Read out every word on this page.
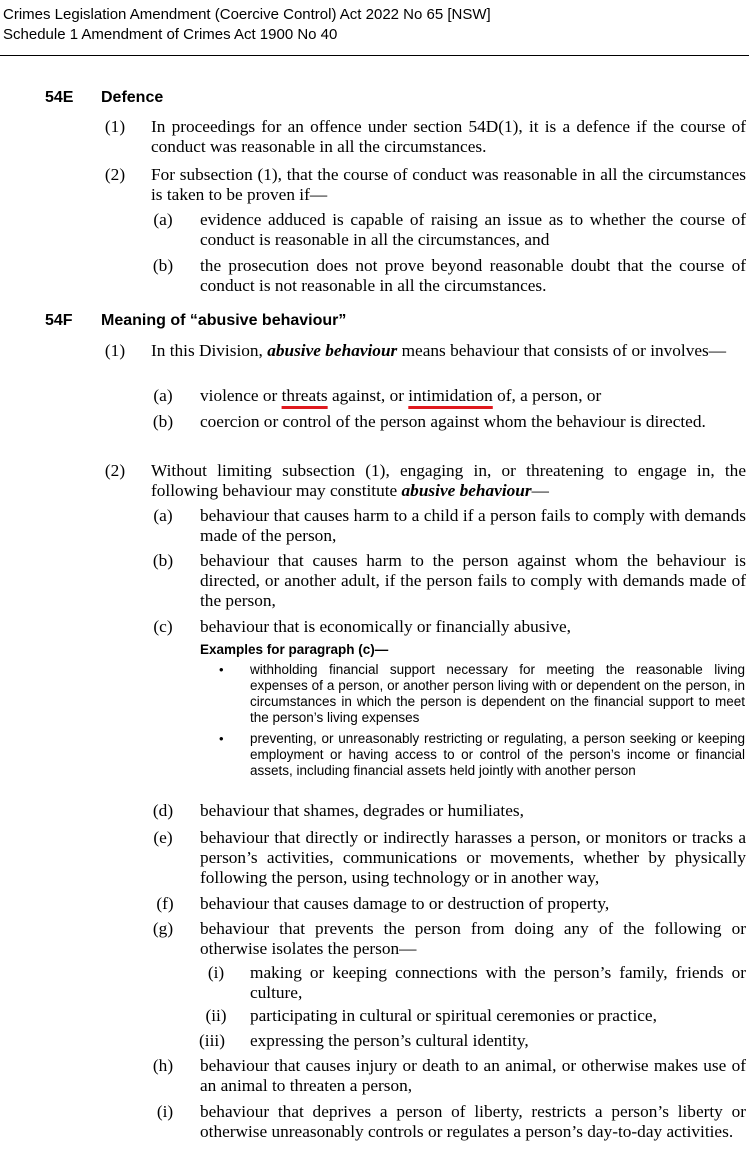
Crimes Legislation Amendment (Coercive Control) Act 2022 No 65 [NSW]
Schedule 1 Amendment of Crimes Act 1900 No 40
54E Defence
(1) In proceedings for an offence under section 54D(1), it is a defence if the course of conduct was reasonable in all the circumstances.
(2) For subsection (1), that the course of conduct was reasonable in all the circumstances is taken to be proven if—
(a)	evidence adduced is capable of raising an issue as to whether the course of conduct is reasonable in all the circumstances, and
(b) the prosecution does not prove beyond reasonable doubt that the course of conduct is not reasonable in all the circumstances.
54F Meaning of “abusive behaviour”
(1) In this Division, abusive behaviour means behaviour that consists of or involves—
(a)	violence or threats against, or intimidation of, a person, or
(b) coercion or control of the person against whom the behaviour is directed.
(2) Without limiting subsection (1), engaging in, or threatening to engage in, the following behaviour may constitute abusive behaviour—
(a)	behaviour that causes harm to a child if a person fails to comply with demands made of the person,
(b) behaviour that causes harm to the person against whom the behaviour is directed, or another adult, if the person fails to comply with demands made of the person,
(c)	behaviour that is economically or financially abusive,
Examples for paragraph (c)—
• withholding financial support necessary for meeting the reasonable living expenses of a person, or another person living with or dependent on the person, in circumstances in which the person is dependent on the financial support to meet the person’s living expenses
• preventing, or unreasonably restricting or regulating, a person seeking or keeping employment or having access to or control of the person’s income or financial assets, including financial assets held jointly with another person
(d) behaviour that shames, degrades or humiliates,
(e)	behaviour that directly or indirectly harasses a person, or monitors or tracks a person’s activities, communications or movements, whether by physically following the person, using technology or in another way,
(f)	behaviour that causes damage to or destruction of property,
(g) behaviour that prevents the person from doing any of the following or otherwise isolates the person—
(i)	making or keeping connections with the person’s family, friends or culture,
(ii)	participating in cultural or spiritual ceremonies or practice,
(iii)	expressing the person’s cultural identity,
(h) behaviour that causes injury or death to an animal, or otherwise makes use of an animal to threaten a person,
(i)	behaviour that deprives a person of liberty, restricts a person’s liberty or otherwise unreasonably controls or regulates a person’s day-to-day activities.
